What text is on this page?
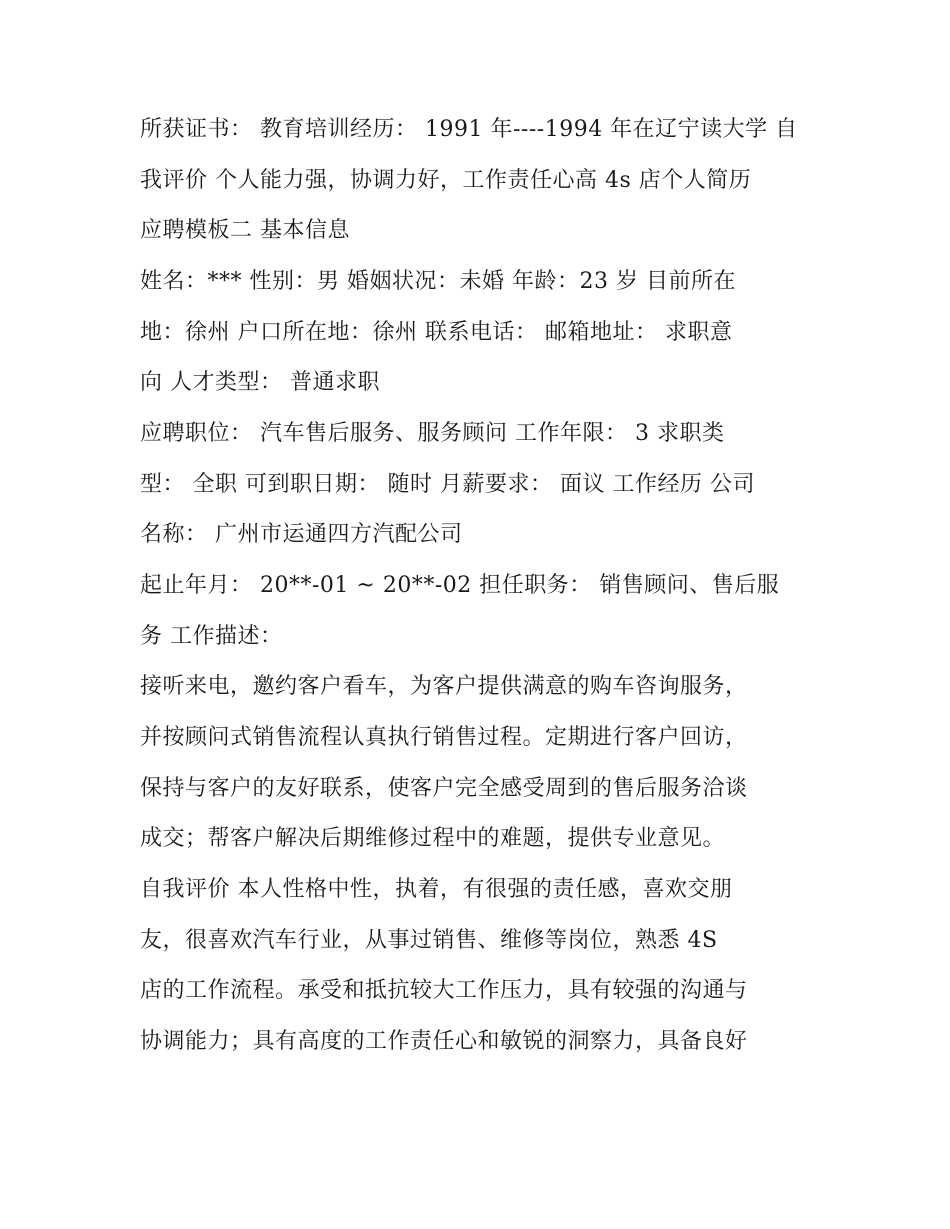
所获证书： 教育培训经历： 1991 年----1994 年在辽宁读大学 自

我评价 个人能力强，协调力好，工作责任心高 4s 店个人简历

应聘模板二 基本信息

姓名：*** 性别：男 婚姻状况：未婚 年龄：23 岁 目前所在

地：徐州 户口所在地：徐州 联系电话： 邮箱地址： 求职意

向 人才类型： 普通求职

应聘职位： 汽车售后服务、服务顾问 工作年限： 3 求职类

型： 全职 可到职日期： 随时 月薪要求： 面议 工作经历 公司

名称： 广州市运通四方汽配公司

起止年月： 20**-01 ~ 20**-02 担任职务： 销售顾问、售后服

务 工作描述：

接听来电，邀约客户看车，为客户提供满意的购车咨询服务，

并按顾问式销售流程认真执行销售过程。定期进行客户回访，

保持与客户的友好联系，使客户完全感受周到的售后服务洽谈

成交；帮客户解决后期维修过程中的难题，提供专业意见。

自我评价 本人性格中性，执着，有很强的责任感，喜欢交朋

友，很喜欢汽车行业，从事过销售、维修等岗位，熟悉 4S

店的工作流程。承受和抵抗较大工作压力，具有较强的沟通与

协调能力；具有高度的工作责任心和敏锐的洞察力，具备良好
